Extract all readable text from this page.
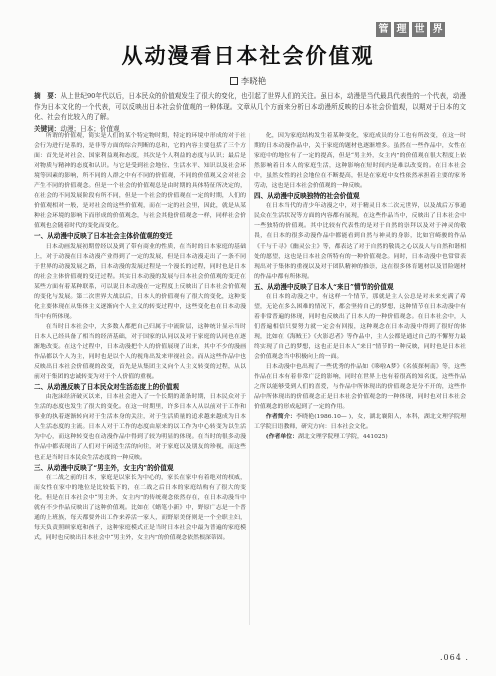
管 理 世 界
从动漫看日本社会价值观
李晓艳
摘　要：从上世纪90年代以后，日本民众的价值观发生了很大的变化，也引起了世界人们的关注。虽日本，动漫是当代最具代表性的一个代表，动漫作为日本文化的一个代表，可以反映出日本社会价值观的一种体现。文章从几个方面来分析日本动漫所反映的日本社会价值观，以期对于日本的文化、社会有比较入的了解。
关键词：动漫；日本；价值观

所谓的价值观，简实是人们的某个特定物时期，特定的环境中形成的对于社会行为进行是系的，是非等方面的综合判断的总和，它的内容主要包括了三个方面：首先是对社会、国家利益观和态度，其次是个人利益的态度与认识；最后是对物质与精神的态度和认识。与它是受到社会地位、生活水平、知识以及社会环境等因素的影响，所不同的人群之中有不同的价值观，不同的价值观又会对社会产生不同的价值观念。但是一个社会的价值观总是由时期的具体特征所决定的，在社会的不同发展阶段有所不同，但是一个社会的价值观在一定的时期，人们的价值观相对一般，是对社会的这些价值观，而在一定的社会里，因此，就是从某种社会环境的影响下而形成的价值观念，与社会其他价值观念一样，同样社会价值观也会随着时代的变化而变化。

一、从动漫中反映了日本社会主体价值观的变迁

日本动画发展初期曾经以及到了带有商业的性质，在当时的日本家庭的基础上，对于动漫在日本动漫产业得到了一定的发展，但是日本动漫走出了一条不同于世界的动漫发展之路，日本动漫的发展过程是一个漫长的过程，同时也是日本的社会主体价值观的变迁过程。其实日本动漫的发展与日本社会价值观的变迁在某些方面有着某种联系，可以说日本动漫在一定程度上反映出了日本社会价值观的变化与发展。第二次世界大战以后，日本人的价值观有了很大的变化，这种变化主要体现在从集体主义逐渐向个人主义的转变过程中，这些变化也在日本动漫当中有所体现。

在当时日本社会中，大多数人都把自己归属于中流阶层，这种统计显示当时日本人已经具备了相当的经济基础，对于国家的认同以及对于家庭的认同也在逐渐地改变。在这个过程中，日本动漫把个人的价值展现了出来，其中不少的漫画作品都以个人为主，同时也是以个人的视角出发来审视社会。而从这些作品中也反映出日本社会价值观的改变，首先是从集团主义向个人主义转变的过程，从以前对于集团的忠诚转变为对于个人价值的重视。

二、从动漫反映了日本民众对生活态度上的价值观

由泡沫经济破灭以来，日本社会进入了一个长期的萧条时期，日本民众对于生活的态度也发生了很大的变化。在这一时期里，许多日本人从以前对于工作和事业的执着逐渐转向对于生活本身的关注，对于生活质量的追求越来越成为日本人生活态度的主流。日本人对于工作的态度由原来的以工作为中心转变为以生活为中心，而这种转变也在动漫作品中得到了较为明显的体现。在当时的很多动漫作品中都表现出了人们对于闲适生活的向往，对于家庭以及朋友的珍视，而这些也正是当时日本民众生活态度的一种反映。

三、从动漫中反映了“男主外，女主内”的价值观

在二战之前的日本，家庭是以家长为中心的，家长在家中有着绝对的权威，而女性在家中的地位是比较低下的，在二战之后日本的家庭结构有了很大的变化，但是在日本社会中“男主外，女主内”的传统观念依然存在，在日本动漫当中就有不少作品反映出了这种价值观。比如在《蜡笔小新》中，野原广志是一个普通的上班族，每天都要外出工作来养活一家人，而野原美伢则是一个全职主妇，每天负责照顾家庭和孩子，这种家庭模式正是当时日本社会中最为普遍的家庭模式，同时也反映出日本社会中“男主外，女主内”的价值观念依然根深蒂固。

化，因为家庭结构发生着某种变化，家庭成员的分工也有所改变，在这一时期的日本动漫作品中，关于家庭的题材也逐渐增多。虽然在一些作品中，女性在家庭中的地位有了一定的提高，但是“男主外，女主内”的价值观在很大程度上依然影响着日本人的家庭生活，这种影响在短时间内是难以改变的。在日本社会中，虽然女性的社会地位在不断提高，但是在家庭中女性依然承担着主要的家务劳动，这也是日本社会价值观的一种反映。

四、从动漫中反映独特的社会价值观

在日本当代的青少年动漫之中，对于精灵日本二次元世界，以及战后万事通民众在生活状况等方面的内容都有展现，在这些作品当中，反映出了日本社会中一些独特的价值观。其中比较有代表性的是对于自然的崇拜以及对于神灵的敬畏，在日本的很多动漫作品中都能看到自然与神灵的身影，比如宫崎骏的作品《千与千寻》《幽灵公主》等，都表达了对于自然的敬畏之心以及人与自然和谐相处的愿望，这也是日本社会所特有的一种价值观念。同时，日本动漫中也常常表现出对于集体的重视以及对于团队精神的推崇，这在很多体育题材以及冒险题材的作品中都有所体现。

五、从动漫中反映了日本人“来日”情节的价值观

在日本的动漫之中，有这样一个情节，那就是主人公总是对未来充满了希望，无论在多么困难的情况下，都会坚持自己的梦想，这种情节在日本动漫中有着非常普遍的体现，同时也反映出了日本人的一种价值观念。在日本社会中，人们普遍相信只要努力就一定会有回报，这种观念在日本动漫中得到了很好的体现，比如在《海贼王》《火影忍者》等作品中，主人公都是通过自己的不懈努力最终实现了自己的梦想，这也正是日本人“来日”情节的一种反映，同时也是日本社会价值观念当中积极向上的一面。

日本动漫中也出现了一些优秀的作品如《哆啦A梦》《名侦探柯南》等，这些作品在日本有着非常广泛的影响，同时在世界上也有着很高的知名度，这些作品之所以能够受到人们的喜爱，与作品中所体现出的价值观念是分不开的，这些作品中所体现出的价值观念正是日本社会价值观念的一种体现，同时也对日本社会价值观念的形成起到了一定的作用。

作者简介：李晓艳(1986.10— )，女，湖北襄阳人，本科，湖北文理学院理工学院日语教师，研究方向：日本社会文化。

(作者单位：湖北文理学院理工学院，441025)

.064 .
